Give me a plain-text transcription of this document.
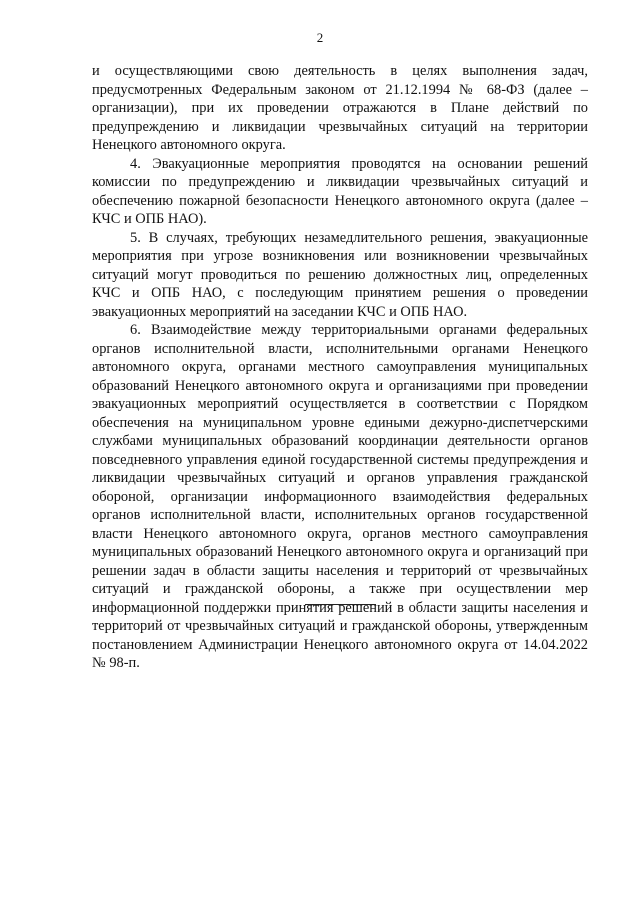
2

и осуществляющими свою деятельность в целях выполнения задач, предусмотренных Федеральным законом от 21.12.1994 № 68-ФЗ (далее – организации), при их проведении отражаются в Плане действий по предупреждению и ликвидации чрезвычайных ситуаций на территории Ненецкого автономного округа.

4. Эвакуационные мероприятия проводятся на основании решений комиссии по предупреждению и ликвидации чрезвычайных ситуаций и обеспечению пожарной безопасности Ненецкого автономного округа (далее – КЧС и ОПБ НАО).

5. В случаях, требующих незамедлительного решения, эвакуационные мероприятия при угрозе возникновения или возникновении чрезвычайных ситуаций могут проводиться по решению должностных лиц, определенных КЧС и ОПБ НАО, с последующим принятием решения о проведении эвакуационных мероприятий на заседании КЧС и ОПБ НАО.

6. Взаимодействие между территориальными органами федеральных органов исполнительной власти, исполнительными органами Ненецкого автономного округа, органами местного самоуправления муниципальных образований Ненецкого автономного округа и организациями при проведении эвакуационных мероприятий осуществляется в соответствии с Порядком обеспечения на муниципальном уровне едиными дежурно-диспетчерскими службами муниципальных образований координации деятельности органов повседневного управления единой государственной системы предупреждения и ликвидации чрезвычайных ситуаций и органов управления гражданской обороной, организации информационного взаимодействия федеральных органов исполнительной власти, исполнительных органов государственной власти Ненецкого автономного округа, органов местного самоуправления муниципальных образований Ненецкого автономного округа и организаций при решении задач в области защиты населения и территорий от чрезвычайных ситуаций и гражданской обороны, а также при осуществлении мер информационной поддержки принятия решений в области защиты населения и территорий от чрезвычайных ситуаций и гражданской обороны, утвержденным постановлением Администрации Ненецкого автономного округа от 14.04.2022 № 98-п.
